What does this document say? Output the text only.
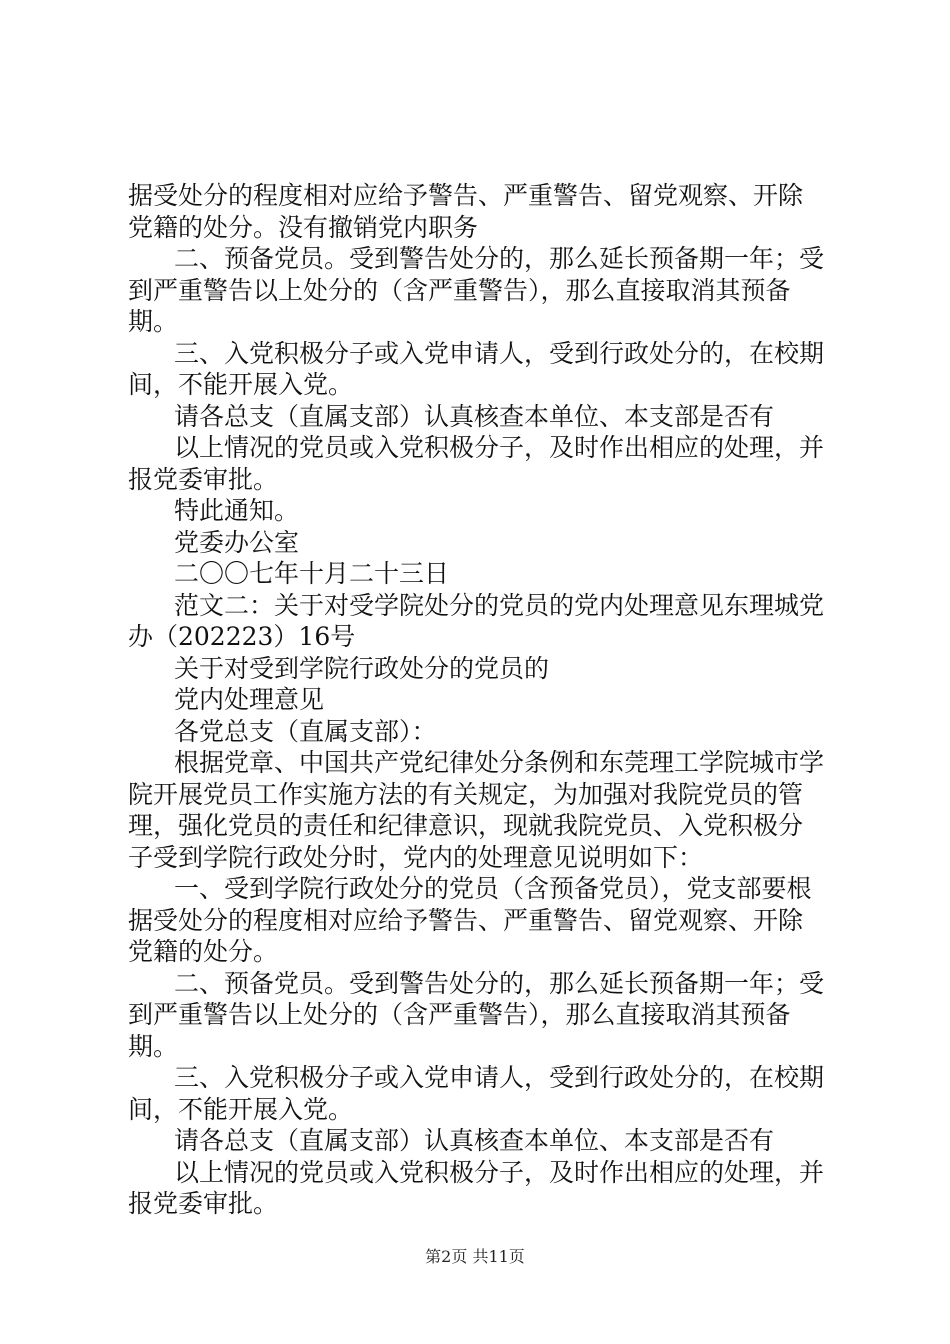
据受处分的程度相对应给予警告、严重警告、留党观察、开除
党籍的处分。没有撤销党内职务
二、预备党员。受到警告处分的，那么延长预备期一年；受
到严重警告以上处分的（含严重警告），那么直接取消其预备
期。
三、入党积极分子或入党申请人，受到行政处分的，在校期
间，不能开展入党。
请各总支（直属支部）认真核查本单位、本支部是否有
以上情况的党员或入党积极分子，及时作出相应的处理，并
报党委审批。
特此通知。
党委办公室
二〇〇七年十月二十三日
范文二：关于对受学院处分的党员的党内处理意见东理城党
办（202223）16号
关于对受到学院行政处分的党员的
党内处理意见
各党总支（直属支部）：
根据党章、中国共产党纪律处分条例和东莞理工学院城市学
院开展党员工作实施方法的有关规定，为加强对我院党员的管
理，强化党员的责任和纪律意识，现就我院党员、入党积极分
子受到学院行政处分时，党内的处理意见说明如下：
一、受到学院行政处分的党员（含预备党员），党支部要根
据受处分的程度相对应给予警告、严重警告、留党观察、开除
党籍的处分。
二、预备党员。受到警告处分的，那么延长预备期一年；受
到严重警告以上处分的（含严重警告），那么直接取消其预备
期。
三、入党积极分子或入党申请人，受到行政处分的，在校期
间，不能开展入党。
请各总支（直属支部）认真核查本单位、本支部是否有
以上情况的党员或入党积极分子，及时作出相应的处理，并
报党委审批。
第2页 共11页
